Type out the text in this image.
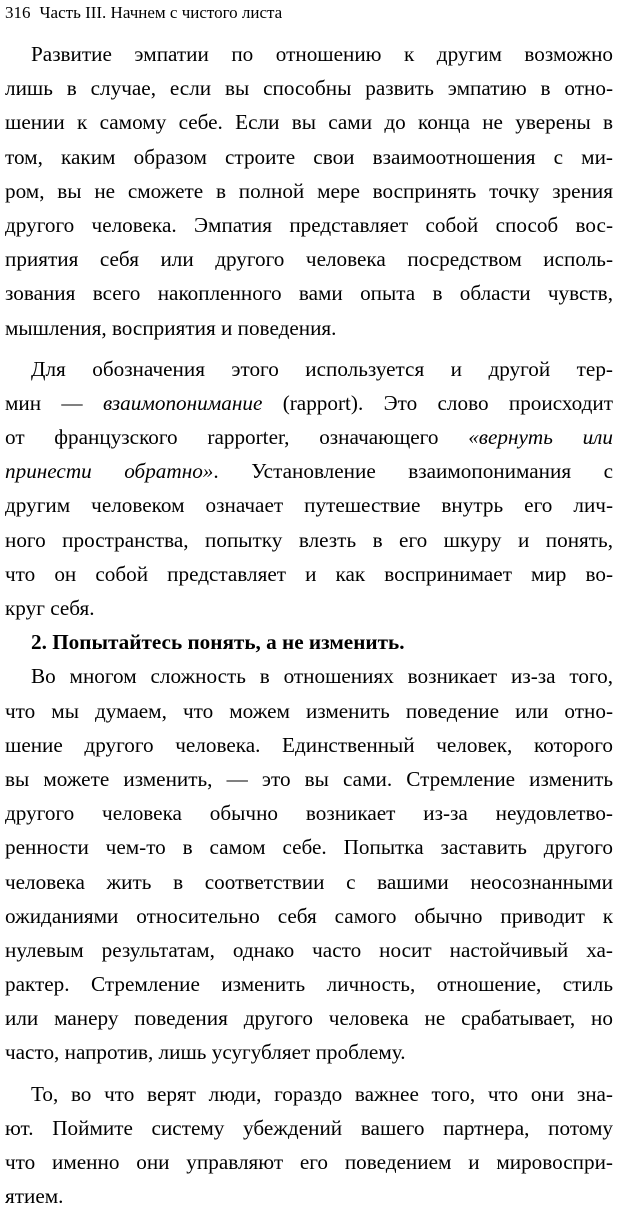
316 Часть III. Начнем с чистого листа
Развитие эмпатии по отношению к другим возможно
лишь в случае, если вы способны развить эмпатию в отно-
шении к самому себе. Если вы сами до конца не уверены в
том, каким образом строите свои взаимоотношения с ми-
ром, вы не сможете в полной мере воспринять точку зрения
другого человека. Эмпатия представляет собой способ вос-
приятия себя или другого человека посредством исполь-
зования всего накопленного вами опыта в области чувств,
мышления, восприятия и поведения.
Для обозначения этого используется и другой тер-
мин — взаимопонимание (rapport). Это слово происходит
от французского rapporter, означающего «вернуть или
принести обратно». Установление взаимопонимания с
другим человеком означает путешествие внутрь его лич-
ного пространства, попытку влезть в его шкуру и понять,
что он собой представляет и как воспринимает мир во-
круг себя.
2. Попытайтесь понять, а не изменить.
Во многом сложность в отношениях возникает из-за того,
что мы думаем, что можем изменить поведение или отно-
шение другого человека. Единственный человек, которого
вы можете изменить, — это вы сами. Стремление изменить
другого человека обычно возникает из-за неудовлетво-
ренности чем-то в самом себе. Попытка заставить другого
человека жить в соответствии с вашими неосознанными
ожиданиями относительно себя самого обычно приводит к
нулевым результатам, однако часто носит настойчивый ха-
рактер. Стремление изменить личность, отношение, стиль
или манеру поведения другого человека не срабатывает, но
часто, напротив, лишь усугубляет проблему.
То, во что верят люди, гораздо важнее того, что они зна-
ют. Поймите систему убеждений вашего партнера, потому
что именно они управляют его поведением и мировоспри-
ятием.
